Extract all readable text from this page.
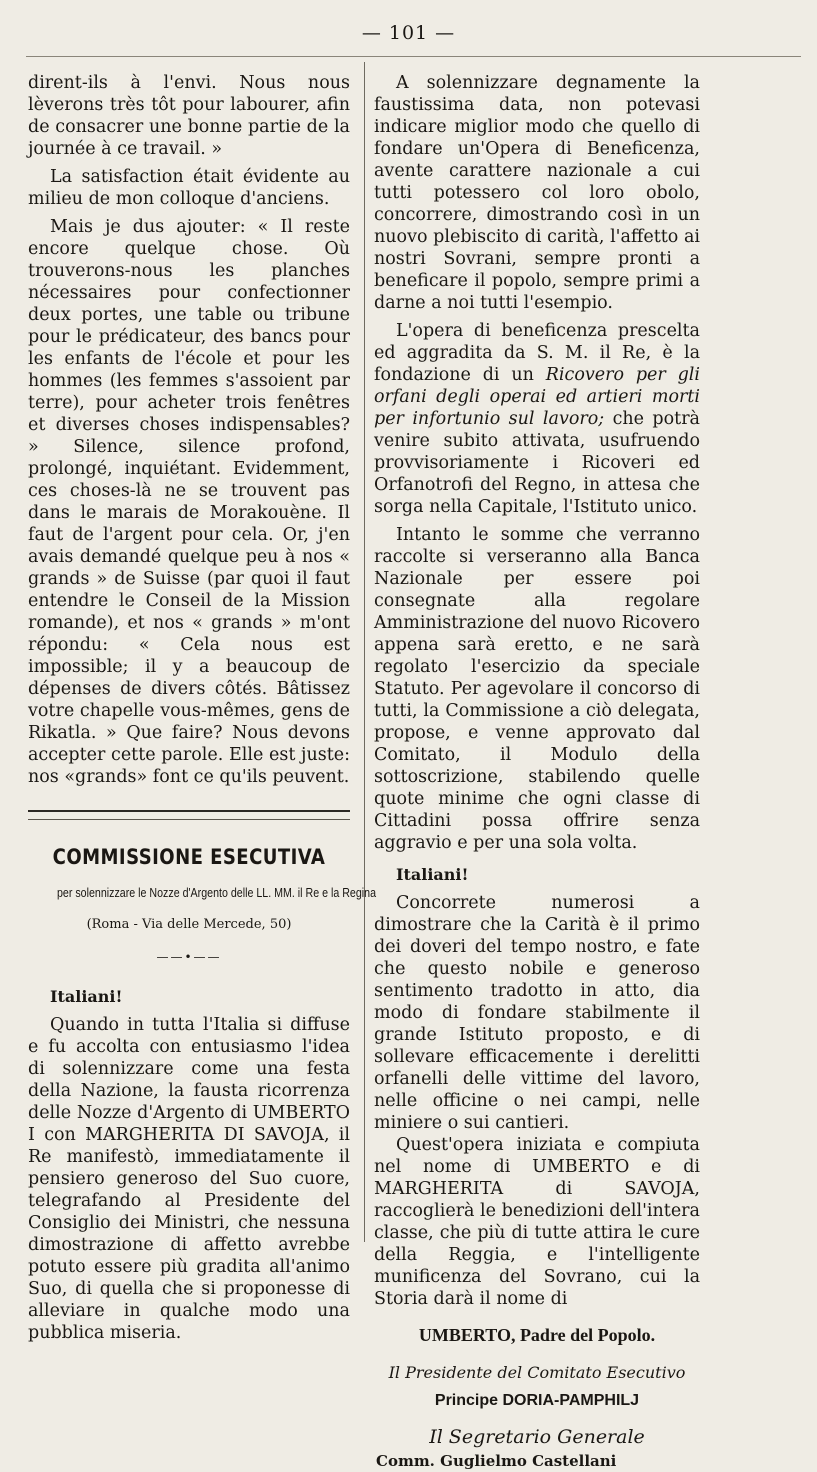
— 101 —

dirent-ils à l'envi. Nous nous lèverons très tôt pour labourer, afin de consacrer une bonne partie de la journée à ce travail. »

La satisfaction était évidente au milieu de mon colloque d'anciens.

Mais je dus ajouter: « Il reste encore quelque chose. Où trouverons-nous les planches nécessaires pour confectionner deux portes, une table ou tribune pour le prédicateur, des bancs pour les enfants de l'école et pour les hommes (les femmes s'assoient par terre), pour acheter trois fenêtres et diverses choses indispensables? » Silence, silence profond, prolongé, inquiétant. Evidemment, ces choses-là ne se trouvent pas dans le marais de Morakouène. Il faut de l'argent pour cela. Or, j'en avais demandé quelque peu à nos « grands » de Suisse (par quoi il faut entendre le Conseil de la Mission romande), et nos « grands » m'ont répondu: « Cela nous est impossible; il y a beaucoup de dépenses de divers côtés. Bâtissez votre chapelle vous-mêmes, gens de Rikatla. » Que faire? Nous devons accepter cette parole. Elle est juste: nos «grands» font ce qu'ils peuvent.

COMMISSIONE ESECUTIVA
per solennizzare le Nozze d'Argento delle LL. MM. il Re e la Regina
(Roma - Via delle Mercede, 50)
——•——
Italiani!

Quando in tutta l'Italia si diffuse e fu accolta con entusiasmo l'idea di solennizzare come una festa della Nazione, la fausta ricorrenza delle Nozze d'Argento di UMBERTO I con MARGHERITA DI SAVOJA, il Re manifestò, immediatamente il pensiero generoso del Suo cuore, telegrafando al Presidente del Consiglio dei Ministri, che nessuna dimostrazione di affetto avrebbe potuto essere più gradita all'animo Suo, di quella che si proponesse di alleviare in qualche modo una pubblica miseria.

A solennizzare degnamente la faustissima data, non potevasi indicare miglior modo che quello di fondare un'Opera di Beneficenza, avente carattere nazionale a cui tutti potessero col loro obolo, concorrere, dimostrando così in un nuovo plebiscito di carità, l'affetto ai nostri Sovrani, sempre pronti a beneficare il popolo, sempre primi a darne a noi tutti l'esempio.

L'opera di beneficenza prescelta ed aggradita da S. M. il Re, è la fondazione di un Ricovero per gli orfani degli operai ed artieri morti per infortunio sul lavoro; che potrà venire subito attivata, usufruendo provvisoriamente i Ricoveri ed Orfanotrofi del Regno, in attesa che sorga nella Capitale, l'Istituto unico.

Intanto le somme che verranno raccolte si verseranno alla Banca Nazionale per essere poi consegnate alla regolare Amministrazione del nuovo Ricovero appena sarà eretto, e ne sarà regolato l'esercizio da speciale Statuto. Per agevolare il concorso di tutti, la Commissione a ciò delegata, propose, e venne approvato dal Comitato, il Modulo della sottoscrizione, stabilendo quelle quote minime che ogni classe di Cittadini possa offrire senza aggravio e per una sola volta.

Italiani!

Concorrete numerosi a dimostrare che la Carità è il primo dei doveri del tempo nostro, e fate che questo nobile e generoso sentimento tradotto in atto, dia modo di fondare stabilmente il grande Istituto proposto, e di sollevare efficacemente i derelitti orfanelli delle vittime del lavoro, nelle officine o nei campi, nelle miniere o sui cantieri.

Quest'opera iniziata e compiuta nel nome di UMBERTO e di MARGHERITA di SAVOJA, raccoglierà le benedizioni dell'intera classe, che più di tutte attira le cure della Reggia, e l'intelligente munificenza del Sovrano, cui la Storia darà il nome di

UMBERTO, Padre del Popolo.
Il Presidente del Comitato Esecutivo
Principe DORIA-PAMPHILJ
Il Segretario Generale
Comm. Guglielmo Castellani
